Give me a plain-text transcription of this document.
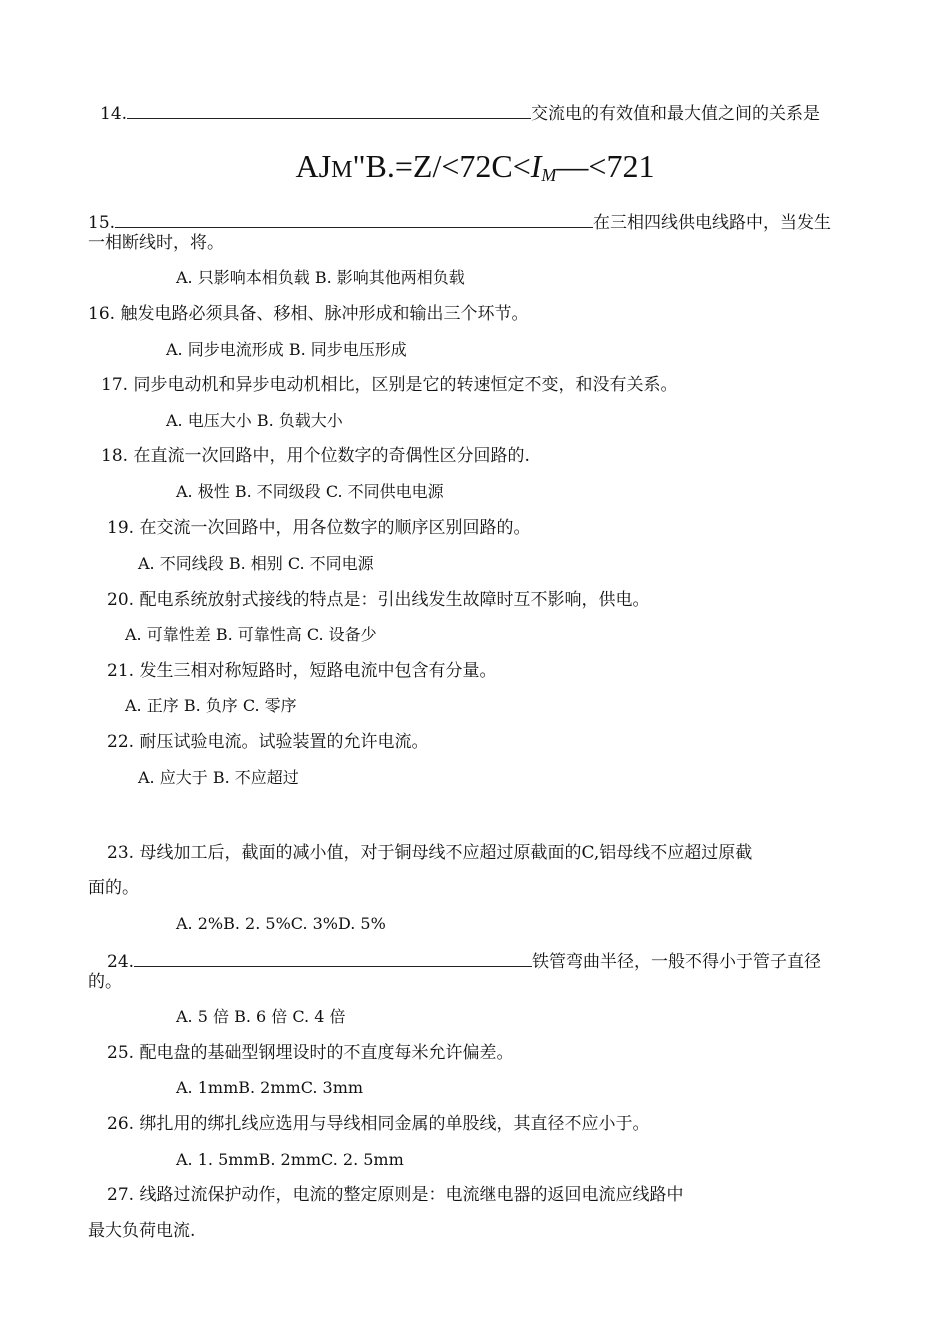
14.	交流电的有效值和最大值之间的关系是
$AJM"B.=Z/<72C<I_M—<721$
15.	在三相四线供电线路中，当发生
一相断线时，将。
A. 只影响本相负载 B. 影响其他两相负载
16. 触发电路必须具备、移相、脉冲形成和输出三个环节。
A. 同步电流形成 B. 同步电压形成
17. 同步电动机和异步电动机相比，区别是它的转速恒定不变，和没有关系。
A. 电压大小 B. 负载大小
18. 在直流一次回路中，用个位数字的奇偶性区分回路的.
A. 极性 B. 不同级段 C. 不同供电电源
19. 在交流一次回路中，用各位数字的顺序区别回路的。
A. 不同线段 B. 相别 C. 不同电源
20. 配电系统放射式接线的特点是：引出线发生故障时互不影响，供电。
A. 可靠性差 B. 可靠性高 C. 设备少
21. 发生三相对称短路时，短路电流中包含有分量。
A. 正序 B. 负序 C. 零序
22. 耐压试验电流。试验装置的允许电流。
A. 应大于 B. 不应超过
23. 母线加工后，截面的减小值，对于铜母线不应超过原截面的C,铝母线不应超过原截
面的。
A. 2%B. 2. 5%C. 3%D. 5%
24.	铁管弯曲半径，一般不得小于管子直径
的。
A. 5 倍 B. 6 倍 C. 4 倍
25. 配电盘的基础型钢埋设时的不直度每米允许偏差。
A. 1mmB. 2mmC. 3mm
26. 绑扎用的绑扎线应选用与导线相同金属的单股线，其直径不应小于。
A. 1. 5mmB. 2mmC. 2. 5mm
27. 线路过流保护动作，电流的整定原则是：电流继电器的返回电流应线路中
最大负荷电流.
